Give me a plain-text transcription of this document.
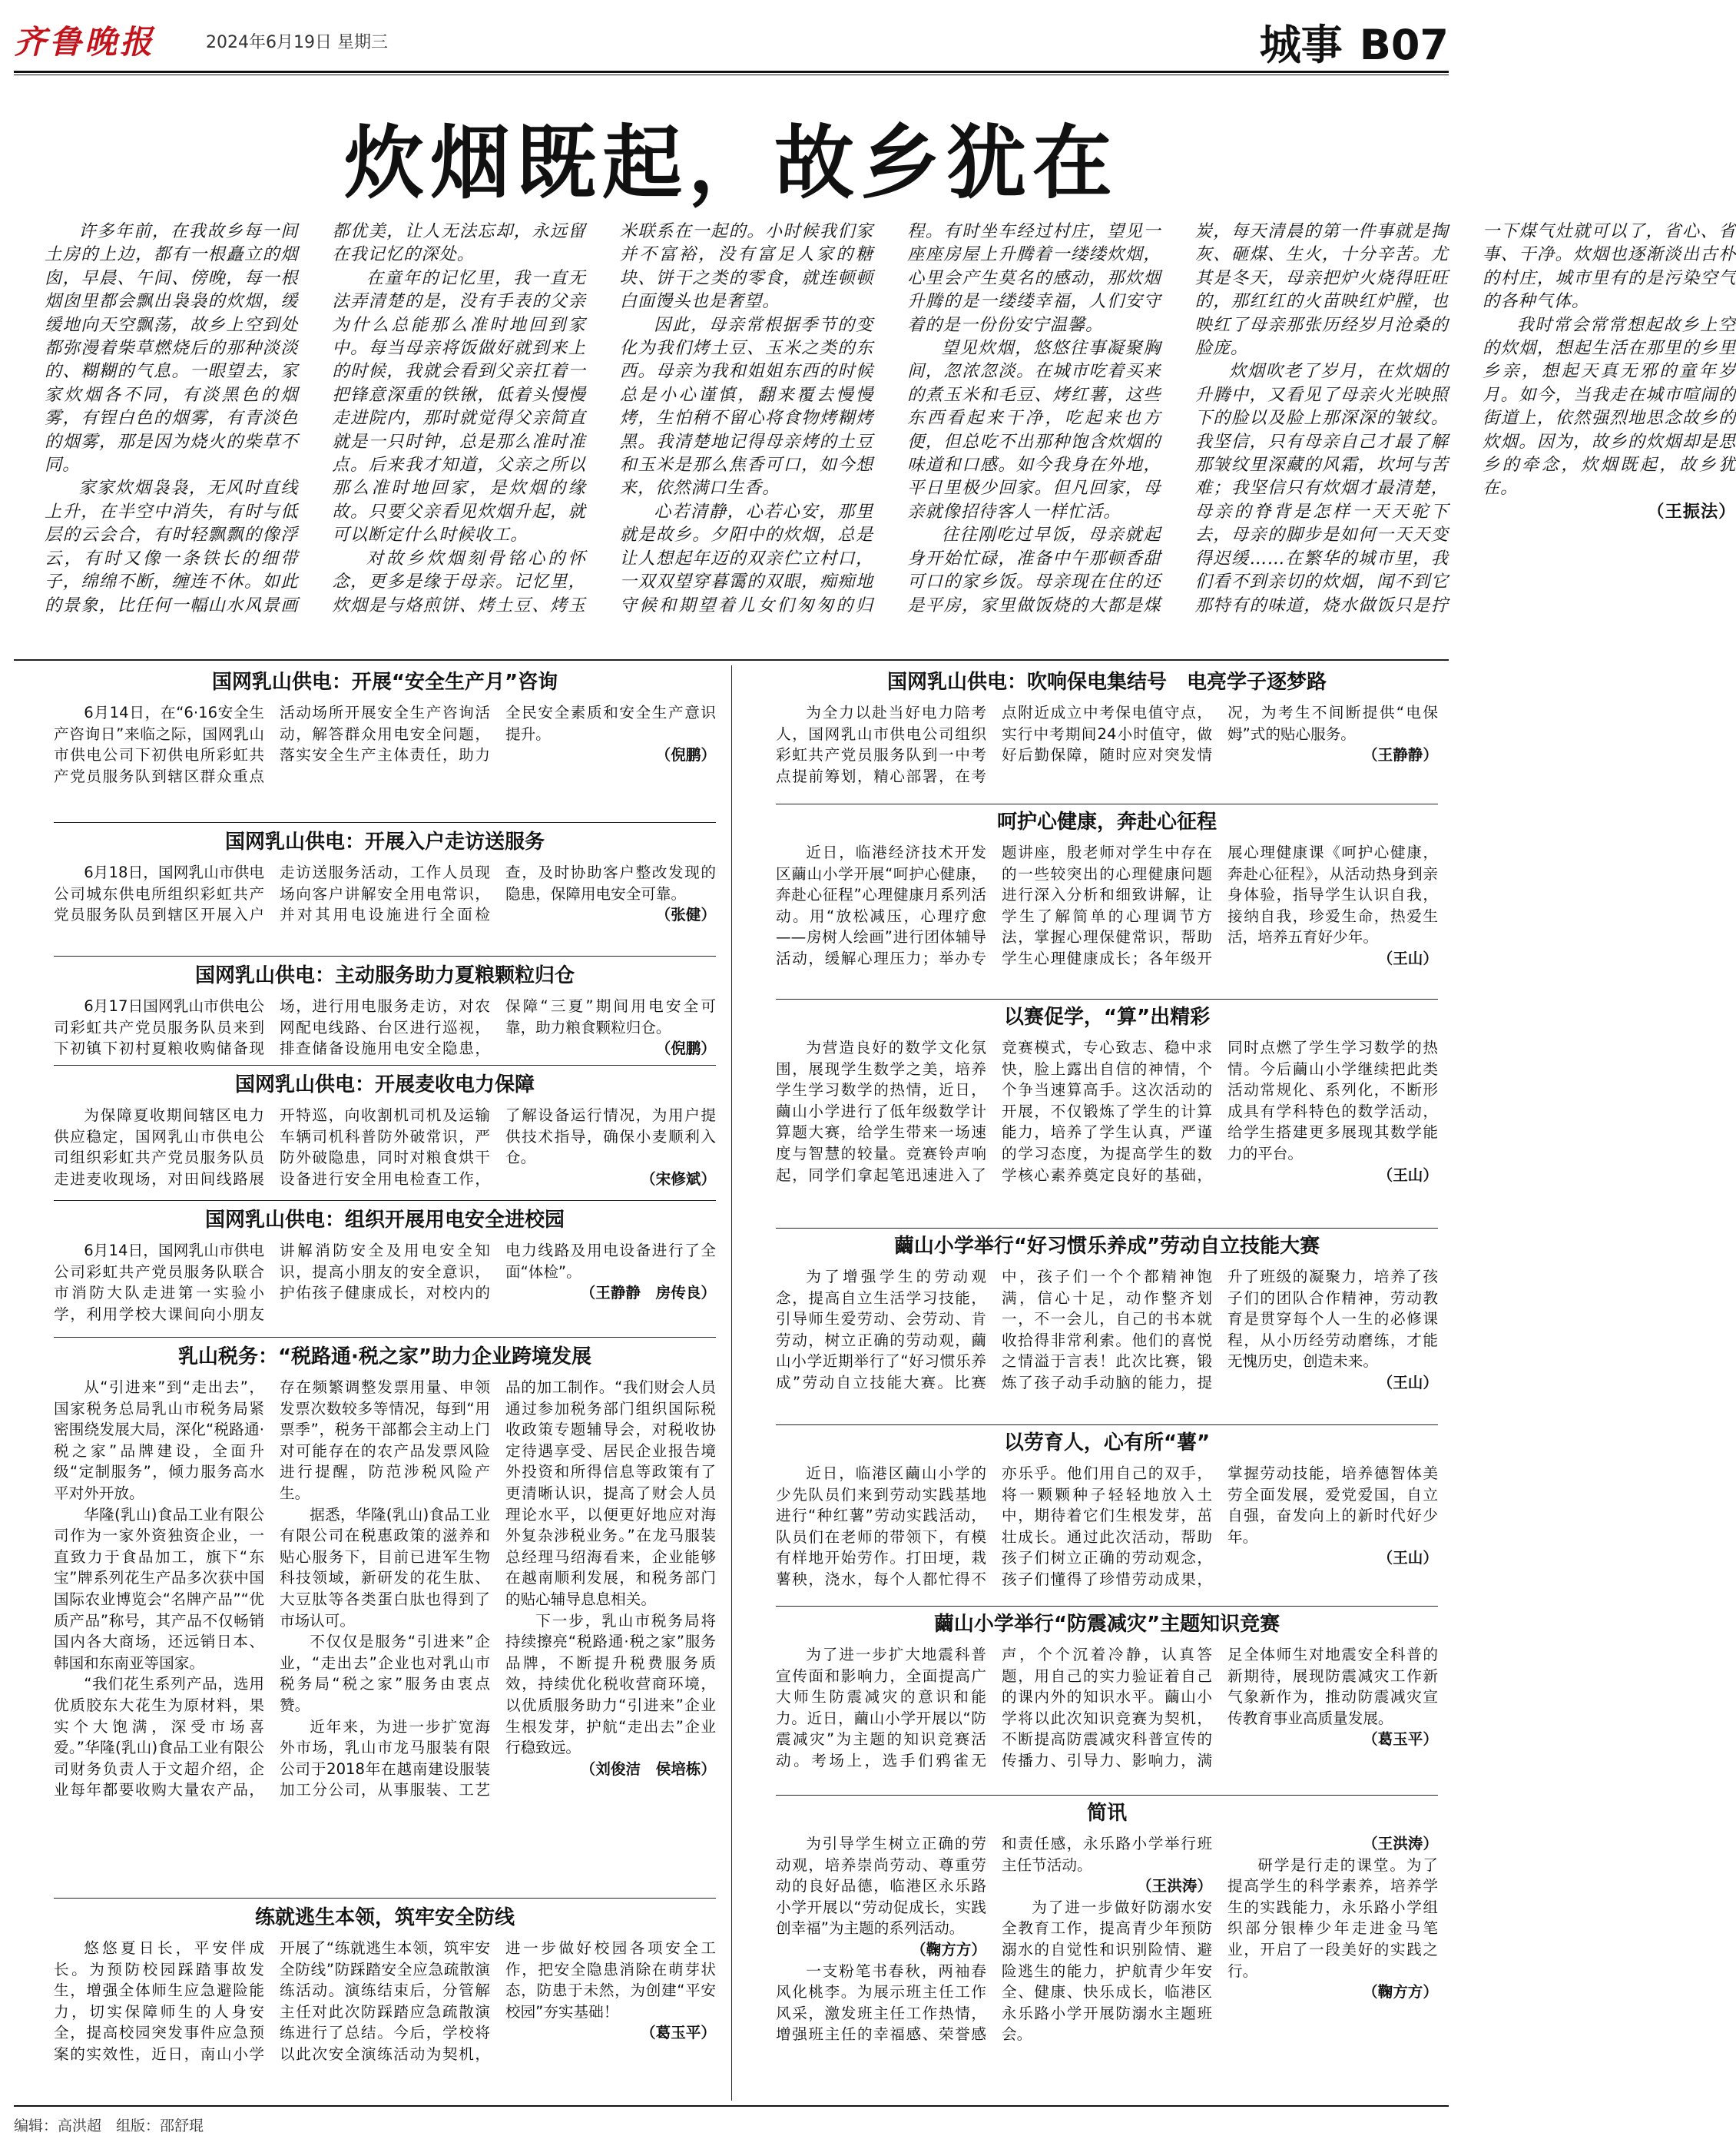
齐鲁晚报	2024年6月19日 星期三	城事 B07
炊烟既起，故乡犹在

许多年前，在我故乡每一间土房的上边，都有一根矗立的烟囱，早晨、午间、傍晚，每一根烟囱里都会飘出袅袅的炊烟，缓缓地向天空飘荡，故乡上空到处都弥漫着柴草燃烧后的那种淡淡的、糊糊的气息。一眼望去，家家炊烟各不同，有淡黑色的烟雾，有锃白色的烟雾，有青淡色的烟雾，那是因为烧火的柴草不同。

家家炊烟袅袅，无风时直线上升，在半空中消失，有时与低层的云会合，有时轻飘飘的像浮云，有时又像一条铁长的细带子，绵绵不断，缠连不休。如此的景象，比任何一幅山水风景画都优美，让人无法忘却，永远留在我记忆的深处。

在童年的记忆里，我一直无法弄清楚的是，没有手表的父亲为什么总能那么准时地回到家中。每当母亲将饭做好就到来上的时候，我就会看到父亲扛着一把锋意深重的铁锹，低着头慢慢走进院内，那时就觉得父亲简直就是一只时钟，总是那么准时准点。后来我才知道，父亲之所以那么准时地回家，是炊烟的缘故。只要父亲看见炊烟升起，就可以断定什么时候收工。

对故乡炊烟刻骨铭心的怀念，更多是缘于母亲。记忆里，炊烟是与烙煎饼、烤土豆、烤玉米联系在一起的。小时候我们家并不富裕，没有富足人家的糖块、饼干之类的零食，就连顿顿白面馒头也是奢望。

因此，母亲常根据季节的变化为我们烤土豆、玉米之类的东西。母亲为我和姐姐东西的时候总是小心谨慎，翻来覆去慢慢烤，生怕稍不留心将食物烤糊烤黑。我清楚地记得母亲烤的土豆和玉米是那么焦香可口，如今想来，依然满口生香。

心若清静，心若心安，那里就是故乡。夕阳中的炊烟，总是让人想起年迈的双亲伫立村口，一双双望穿暮霭的双眼，痴痴地守候和期望着儿女们匆匆的归程。有时坐车经过村庄，望见一座座房屋上升腾着一缕缕炊烟，心里会产生莫名的感动，那炊烟升腾的是一缕缕幸福，人们安守着的是一份份安宁温馨。

望见炊烟，悠悠往事凝聚胸间，忽浓忽淡。在城市吃着买来的煮玉米和毛豆、烤红薯，这些东西看起来干净，吃起来也方便，但总吃不出那种饱含炊烟的味道和口感。如今我身在外地，平日里极少回家。但凡回家，母亲就像招待客人一样忙活。

往往刚吃过早饭，母亲就起身开始忙碌，准备中午那顿香甜可口的家乡饭。母亲现在住的还是平房，家里做饭烧的大都是煤炭，每天清晨的第一件事就是掏灰、砸煤、生火，十分辛苦。尤其是冬天，母亲把炉火烧得旺旺的，那红红的火苗映红炉膛，也映红了母亲那张历经岁月沧桑的脸庞。

炊烟吹老了岁月，在炊烟的升腾中，又看见了母亲火光映照下的脸以及脸上那深深的皱纹。我坚信，只有母亲自己才最了解那皱纹里深藏的风霜，坎坷与苦难；我坚信只有炊烟才最清楚，母亲的脊背是怎样一天天驼下去，母亲的脚步是如何一天天变得迟缓……在繁华的城市里，我们看不到亲切的炊烟，闻不到它那特有的味道，烧水做饭只是拧一下煤气灶就可以了，省心、省事、干净。炊烟也逐渐淡出古朴的村庄，城市里有的是污染空气的各种气体。

我时常会常常想起故乡上空的炊烟，想起生活在那里的乡里乡亲，想起天真无邪的童年岁月。如今，当我走在城市喧闹的街道上，依然强烈地思念故乡的炊烟。因为，故乡的炊烟却是思乡的牵念，炊烟既起，故乡犹在。

（王振法）

国网乳山供电：开展“安全生产月”咨询

6月14日，在“6·16安全生产咨询日”来临之际，国网乳山市供电公司下初供电所彩虹共产党员服务队到辖区群众重点活动场所开展安全生产咨询活动，解答群众用电安全问题，落实安全生产主体责任，助力全民安全素质和安全生产意识提升。

（倪鹏）

国网乳山供电：开展入户走访送服务

6月18日，国网乳山市供电公司城东供电所组织彩虹共产党员服务队员到辖区开展入户走访送服务活动，工作人员现场向客户讲解安全用电常识，并对其用电设施进行全面检查，及时协助客户整改发现的隐患，保障用电安全可靠。

（张健）

国网乳山供电：主动服务助力夏粮颗粒归仓

6月17日国网乳山市供电公司彩虹共产党员服务队员来到下初镇下初村夏粮收购储备现场，进行用电服务走访，对农网配电线路、台区进行巡视，排查储备设施用电安全隐患，保障“三夏”期间用电安全可靠，助力粮食颗粒归仓。

（倪鹏）

国网乳山供电：开展麦收电力保障

为保障夏收期间辖区电力供应稳定，国网乳山市供电公司组织彩虹共产党员服务队员走进麦收现场，对田间线路展开特巡，向收割机司机及运输车辆司机科普防外破常识，严防外破隐患，同时对粮食烘干设备进行安全用电检查工作，了解设备运行情况，为用户提供技术指导，确保小麦顺利入仓。

（宋修斌）

国网乳山供电：组织开展用电安全进校园

6月14日，国网乳山市供电公司彩虹共产党员服务队联合市消防大队走进第一实验小学，利用学校大课间向小朋友讲解消防安全及用电安全知识，提高小朋友的安全意识，护佑孩子健康成长，对校内的电力线路及用电设备进行了全面“体检”。

（王静静　房传良）

乳山税务：“税路通·税之家”助力企业跨境发展

从“引进来”到“走出去”，国家税务总局乳山市税务局紧密围绕发展大局，深化“税路通·税之家”品牌建设，全面升级“定制服务”，倾力服务高水平对外开放。

华隆(乳山)食品工业有限公司作为一家外资独资企业，一直致力于食品加工，旗下“东宝”牌系列花生产品多次获中国国际农业博览会“名牌产品”“优质产品”称号，其产品不仅畅销国内各大商场，还远销日本、韩国和东南亚等国家。

“我们花生系列产品，选用优质胶东大花生为原材料，果实个大饱满，深受市场喜爱。”华隆(乳山)食品工业有限公司财务负责人于文超介绍，企业每年都要收购大量农产品，存在频繁调整发票用量、申领发票次数较多等情况，每到“用票季”，税务干部都会主动上门对可能存在的农产品发票风险进行提醒，防范涉税风险产生。

据悉，华隆(乳山)食品工业有限公司在税惠政策的滋养和贴心服务下，目前已进军生物科技领域，新研发的花生肽、大豆肽等各类蛋白肽也得到了市场认可。

不仅仅是服务“引进来”企业，“走出去”企业也对乳山市税务局“税之家”服务由衷点赞。

近年来，为进一步扩宽海外市场，乳山市龙马服装有限公司于2018年在越南建设服装加工分公司，从事服装、工艺品的加工制作。“我们财会人员通过参加税务部门组织国际税收政策专题辅导会，对税收协定待遇享受、居民企业报告境外投资和所得信息等政策有了更清晰认识，提高了财会人员理论水平，以便更好地应对海外复杂涉税业务。”在龙马服装总经理马绍海看来，企业能够在越南顺利发展，和税务部门的贴心辅导息息相关。

下一步，乳山市税务局将持续擦亮“税路通·税之家”服务品牌，不断提升税费服务质效，持续优化税收营商环境，以优质服务助力“引进来”企业生根发芽，护航“走出去”企业行稳致远。

（刘俊洁　侯培栋）

练就逃生本领，筑牢安全防线

悠悠夏日长，平安伴成长。为预防校园踩踏事故发生，增强全体师生应急避险能力，切实保障师生的人身安全，提高校园突发事件应急预案的实效性，近日，南山小学开展了“练就逃生本领，筑牢安全防线”防踩踏安全应急疏散演练活动。演练结束后，分管解主任对此次防踩踏应急疏散演练进行了总结。今后，学校将以此次安全演练活动为契机，进一步做好校园各项安全工作，把安全隐患消除在萌芽状态，防患于未然，为创建“平安校园”夯实基础！

（葛玉平）

国网乳山供电：吹响保电集结号　电亮学子逐梦路

为全力以赴当好电力陪考人，国网乳山市供电公司组织彩虹共产党员服务队到一中考点提前筹划，精心部署，在考点附近成立中考保电值守点，实行中考期间24小时值守，做好后勤保障，随时应对突发情况，为考生不间断提供“电保姆”式的贴心服务。

（王静静）

呵护心健康，奔赴心征程

近日，临港经济技术开发区繭山小学开展“呵护心健康，奔赴心征程”心理健康月系列活动。用“放松减压，心理疗愈——房树人绘画”进行团体辅导活动，缓解心理压力；举办专题讲座，殷老师对学生中存在的一些较突出的心理健康问题进行深入分析和细致讲解，让学生了解简单的心理调节方法，掌握心理保健常识，帮助学生心理健康成长；各年级开展心理健康课《呵护心健康，奔赴心征程》，从活动热身到亲身体验，指导学生认识自我，接纳自我，珍爱生命，热爱生活，培养五育好少年。

（王山）

以赛促学，“算”出精彩

为营造良好的数学文化氛围，展现学生数学之美，培养学生学习数学的热情，近日，繭山小学进行了低年级数学计算题大赛，给学生带来一场速度与智慧的较量。竞赛铃声响起，同学们拿起笔迅速进入了竞赛模式，专心致志、稳中求快，脸上露出自信的神情，个个争当速算高手。这次活动的开展，不仅锻炼了学生的计算能力，培养了学生认真，严谨的学习态度，为提高学生的数学核心素养奠定良好的基础，同时点燃了学生学习数学的热情。今后繭山小学继续把此类活动常规化、系列化，不断形成具有学科特色的数学活动，给学生搭建更多展现其数学能力的平台。

（王山）

繭山小学举行“好习惯乐养成”劳动自立技能大赛

为了增强学生的劳动观念，提高自立生活学习技能，引导师生爱劳动、会劳动、肯劳动，树立正确的劳动观，繭山小学近期举行了“好习惯乐养成”劳动自立技能大赛。比赛中，孩子们一个个都精神饱满，信心十足，动作整齐划一，不一会儿，自己的书本就收拾得非常利索。他们的喜悦之情溢于言表！此次比赛，锻炼了孩子动手动脑的能力，提升了班级的凝聚力，培养了孩子们的团队合作精神，劳动教育是贯穿每个人一生的必修课程，从小历经劳动磨练，才能无愧历史，创造未来。

（王山）

以劳育人，心有所“薯”

近日，临港区繭山小学的少先队员们来到劳动实践基地进行“种红薯”劳动实践活动，队员们在老师的带领下，有模有样地开始劳作。打田埂，栽薯秧，浇水，每个人都忙得不亦乐乎。他们用自己的双手，将一颗颗种子轻轻地放入土中，期待着它们生根发芽，茁壮成长。通过此次活动，帮助孩子们树立正确的劳动观念，孩子们懂得了珍惜劳动成果，掌握劳动技能，培养德智体美劳全面发展，爱党爱国，自立自强，奋发向上的新时代好少年。

（王山）

繭山小学举行“防震减灾”主题知识竞赛

为了进一步扩大地震科普宣传面和影响力，全面提高广大师生防震减灾的意识和能力。近日，繭山小学开展以“防震减灾”为主题的知识竞赛活动。考场上，选手们鸦雀无声，个个沉着冷静，认真答题，用自己的实力验证着自己的课内外的知识水平。繭山小学将以此次知识竞赛为契机，不断提高防震减灾科普宣传的传播力、引导力、影响力，满足全体师生对地震安全科普的新期待，展现防震减灾工作新气象新作为，推动防震减灾宣传教育事业高质量发展。

（葛玉平）

简讯

为引导学生树立正确的劳动观，培养崇尚劳动、尊重劳动的良好品德，临港区永乐路小学开展以“劳动促成长，实践创幸福”为主题的系列活动。

（鞠方方）

一支粉笔书春秋，两袖春风化桃李。为展示班主任工作风采，激发班主任工作热情，增强班主任的幸福感、荣誉感和责任感，永乐路小学举行班主任节活动。

（王洪涛）

为了进一步做好防溺水安全教育工作，提高青少年预防溺水的自觉性和识别险情、避险逃生的能力，护航青少年安全、健康、快乐成长，临港区永乐路小学开展防溺水主题班会。

（王洪涛）

研学是行走的课堂。为了提高学生的科学素养，培养学生的实践能力，永乐路小学组织部分银棒少年走进金马笔业，开启了一段美好的实践之行。

（鞠方方）

编辑：高洪超　组版：邵舒琨
